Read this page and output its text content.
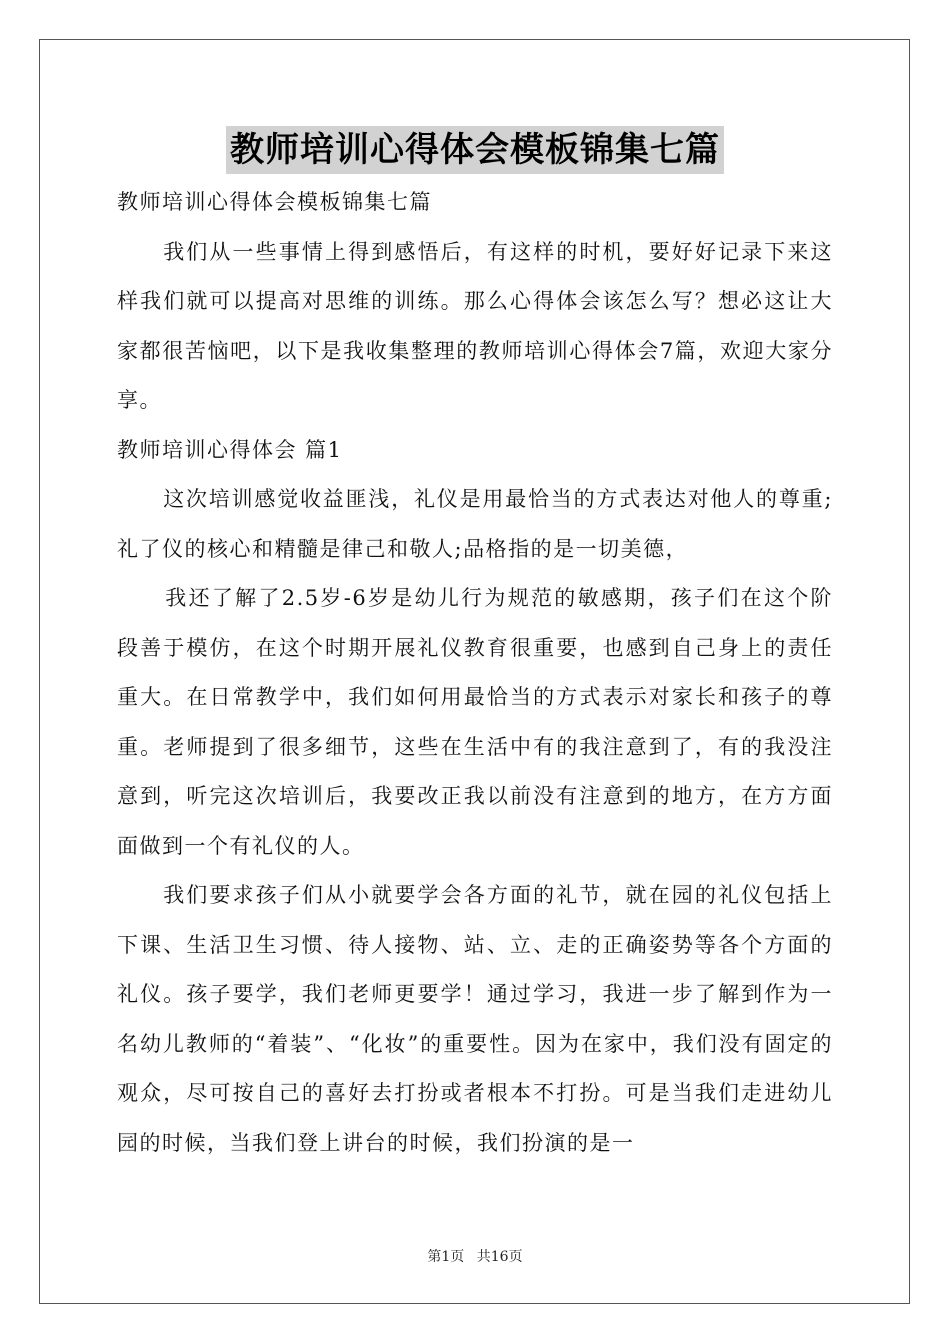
教师培训心得体会模板锦集七篇

教师培训心得体会模板锦集七篇

我们从一些事情上得到感悟后，有这样的时机，要好好记录下来这样我们就可以提高对思维的训练。那么心得体会该怎么写？想必这让大家都很苦恼吧，以下是我收集整理的教师培训心得体会7篇，欢迎大家分享。

教师培训心得体会 篇1

这次培训感觉收益匪浅，礼仪是用最恰当的方式表达对他人的尊重;礼了仪的核心和精髓是律己和敬人;品格指的是一切美德，

我还了解了2.5岁-6岁是幼儿行为规范的敏感期，孩子们在这个阶段善于模仿，在这个时期开展礼仪教育很重要，也感到自己身上的责任重大。在日常教学中，我们如何用最恰当的方式表示对家长和孩子的尊重。老师提到了很多细节，这些在生活中有的我注意到了，有的我没注意到，听完这次培训后，我要改正我以前没有注意到的地方，在方方面面做到一个有礼仪的人。

我们要求孩子们从小就要学会各方面的礼节，就在园的礼仪包括上下课、生活卫生习惯、待人接物、站、立、走的正确姿势等各个方面的礼仪。孩子要学，我们老师更要学！通过学习，我进一步了解到作为一名幼儿教师的“着装”、“化妆”的重要性。因为在家中，我们没有固定的观众，尽可按自己的喜好去打扮或者根本不打扮。可是当我们走进幼儿园的时候，当我们登上讲台的时候，我们扮演的是一

第1页 共16页
